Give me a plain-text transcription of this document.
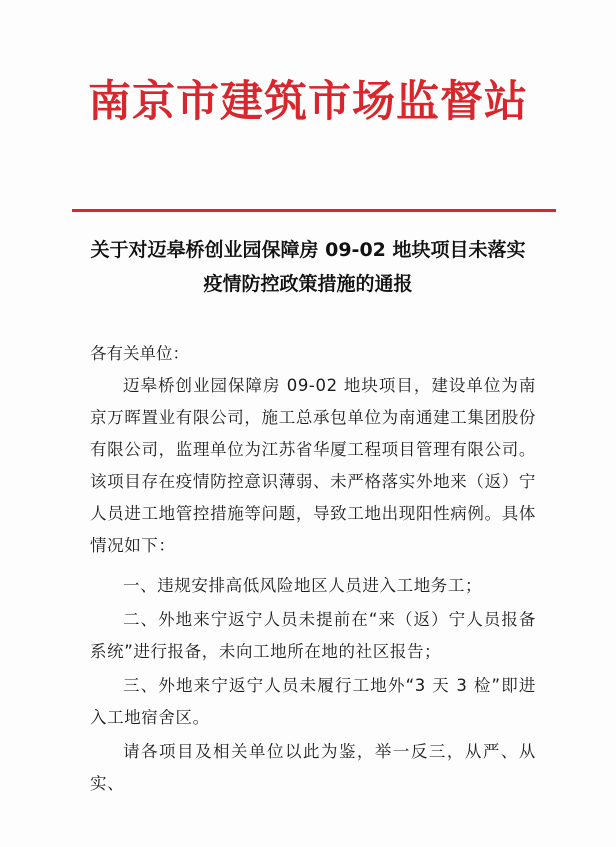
南京市建筑市场监督站
关于对迈皋桥创业园保障房 09-02 地块项目未落实
疫情防控政策措施的通报
各有关单位：
迈皋桥创业园保障房 09-02 地块项目，建设单位为南京万晖置业有限公司，施工总承包单位为南通建工集团股份有限公司，监理单位为江苏省华厦工程项目管理有限公司。该项目存在疫情防控意识薄弱、未严格落实外地来（返）宁人员进工地管控措施等问题，导致工地出现阳性病例。具体情况如下：
一、违规安排高低风险地区人员进入工地务工；
二、外地来宁返宁人员未提前在“来（返）宁人员报备系统”进行报备，未向工地所在地的社区报告；
三、外地来宁返宁人员未履行工地外“3 天 3 检”即进入工地宿舍区。
请各项目及相关单位以此为鉴，举一反三，从严、从实、
